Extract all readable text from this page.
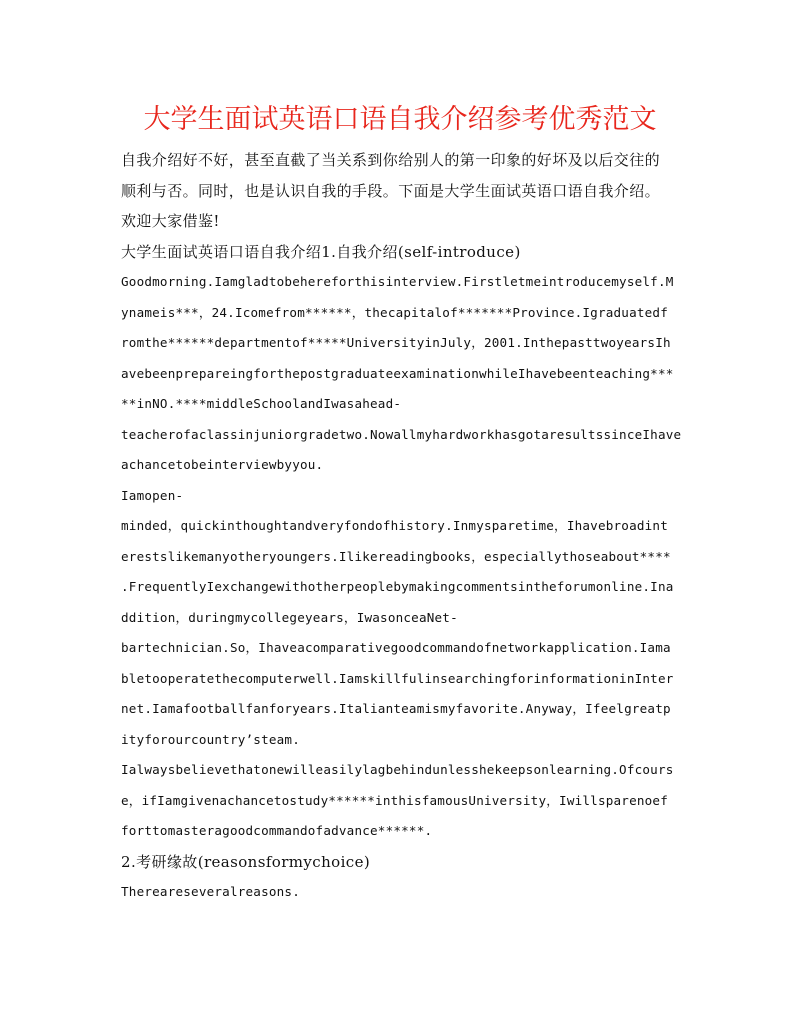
大学生面试英语口语自我介绍参考优秀范文
自我介绍好不好，甚至直截了当关系到你给别人的第一印象的好坏及以后交往的
顺利与否。同时，也是认识自我的手段。下面是大学生面试英语口语自我介绍。
欢迎大家借鉴!
大学生面试英语口语自我介绍1.自我介绍(self-introduce)
Goodmorning.Iamgladtobehereforthisinterview.Firstletmeintroducemyself.M
ynameis***，24.Icomefrom******，thecapitalof*******Province.Igraduatedf
romthe******departmentof*****UniversityinJuly，2001.InthepasttwoyearsIh
avebeenprepareingforthepostgraduateexaminationwhileIhavebeenteaching***
**inNO.****middleSchoolandIwasahead-
teacherofaclassinjuniorgradetwo.NowallmyhardworkhasgotaresultssinceIhave
achancetobeinterviewbyyou.
Iamopen-
minded，quickinthoughtandveryfondofhistory.Inmysparetime，Ihavebroadint
erestslikemanyotheryoungers.Ilikereadingbooks，especiallythoseabout****
.FrequentlyIexchangewithotherpeoplebymakingcommentsintheforumonline.Ina
ddition，duringmycollegeyears，IwasonceaNet-
bartechnician.So，Ihaveacomparativegoodcommandofnetworkapplication.Iama
bletooperatethecomputerwell.IamskillfulinsearchingforinformationinInter
net.Iamafootballfanforyears.Italianteamismyfavorite.Anyway，Ifeelgreatp
ityforourcountry’steam.
Ialwaysbelievethatonewilleasilylagbehindunlesshekeepsonlearning.Ofcours
e，ifIamgivenachancetostudy******inthisfamousUniversity，Iwillsparenoef
forttomasteragoodcommandofadvance******.
2.考研缘故(reasonsformychoice)
Thereareseveralreasons.
